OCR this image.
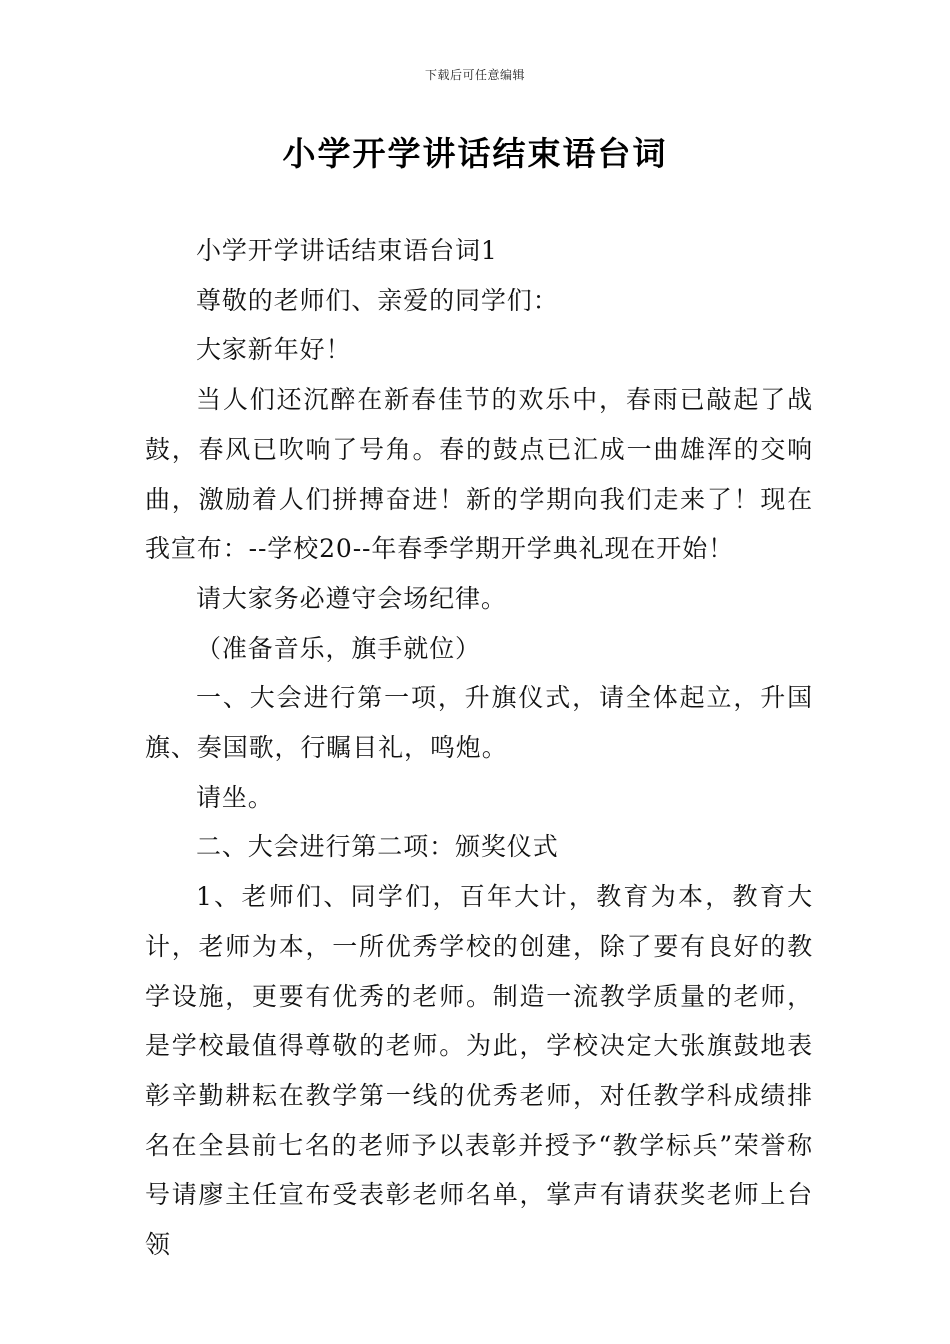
下载后可任意编辑
小学开学讲话结束语台词

小学开学讲话结束语台词1

尊敬的老师们、亲爱的同学们：

大家新年好！

当人们还沉醉在新春佳节的欢乐中，春雨已敲起了战鼓，春风已吹响了号角。春的鼓点已汇成一曲雄浑的交响曲，激励着人们拼搏奋进！新的学期向我们走来了！现在我宣布：--学校20--年春季学期开学典礼现在开始！

请大家务必遵守会场纪律。

（准备音乐，旗手就位）

一、大会进行第一项，升旗仪式，请全体起立，升国旗、奏国歌，行瞩目礼，鸣炮。

请坐。

二、大会进行第二项：颁奖仪式

1、老师们、同学们，百年大计，教育为本，教育大计，老师为本，一所优秀学校的创建，除了要有良好的教学设施，更要有优秀的老师。制造一流教学质量的老师，是学校最值得尊敬的老师。为此，学校决定大张旗鼓地表彰辛勤耕耘在教学第一线的优秀老师，对任教学科成绩排名在全县前七名的老师予以表彰并授予“教学标兵”荣誉称号请廖主任宣布受表彰老师名单，掌声有请获奖老师上台领
